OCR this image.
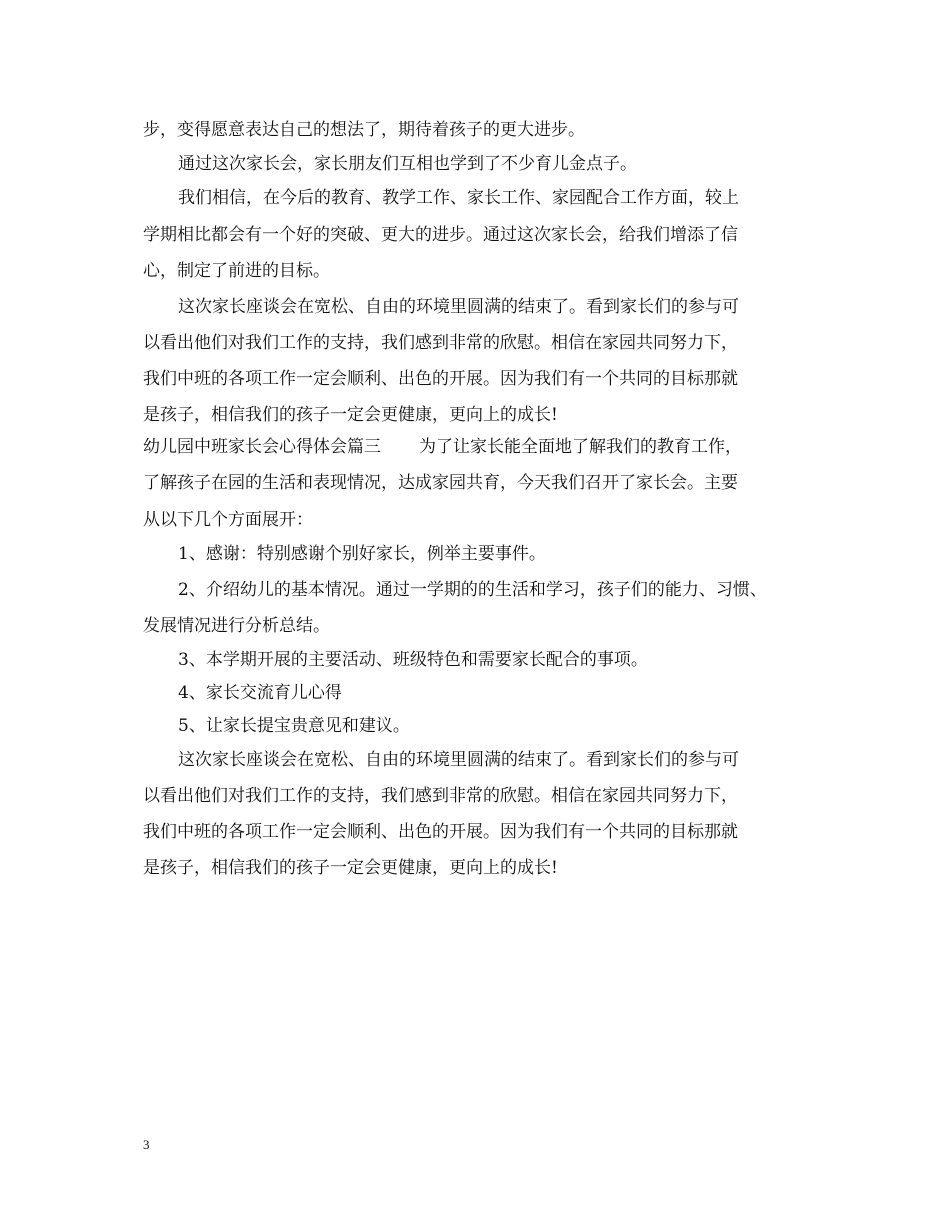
步，变得愿意表达自己的想法了，期待着孩子的更大进步。
通过这次家长会，家长朋友们互相也学到了不少育儿金点子。
我们相信，在今后的教育、教学工作、家长工作、家园配合工作方面，较上
学期相比都会有一个好的突破、更大的进步。通过这次家长会，给我们增添了信
心，制定了前进的目标。
这次家长座谈会在宽松、自由的环境里圆满的结束了。看到家长们的参与可
以看出他们对我们工作的支持，我们感到非常的欣慰。相信在家园共同努力下，
我们中班的各项工作一定会顺利、出色的开展。因为我们有一个共同的目标那就
是孩子，相信我们的孩子一定会更健康，更向上的成长!
幼儿园中班家长会心得体会篇三 为了让家长能全面地了解我们的教育工作，
了解孩子在园的生活和表现情况，达成家园共育，今天我们召开了家长会。主要
从以下几个方面展开：
1、感谢：特别感谢个别好家长，例举主要事件。
2、介绍幼儿的基本情况。通过一学期的的生活和学习，孩子们的能力、习惯、
发展情况进行分析总结。
3、本学期开展的主要活动、班级特色和需要家长配合的事项。
4、家长交流育儿心得
5、让家长提宝贵意见和建议。
这次家长座谈会在宽松、自由的环境里圆满的结束了。看到家长们的参与可
以看出他们对我们工作的支持，我们感到非常的欣慰。相信在家园共同努力下，
我们中班的各项工作一定会顺利、出色的开展。因为我们有一个共同的目标那就
是孩子，相信我们的孩子一定会更健康，更向上的成长!
3
